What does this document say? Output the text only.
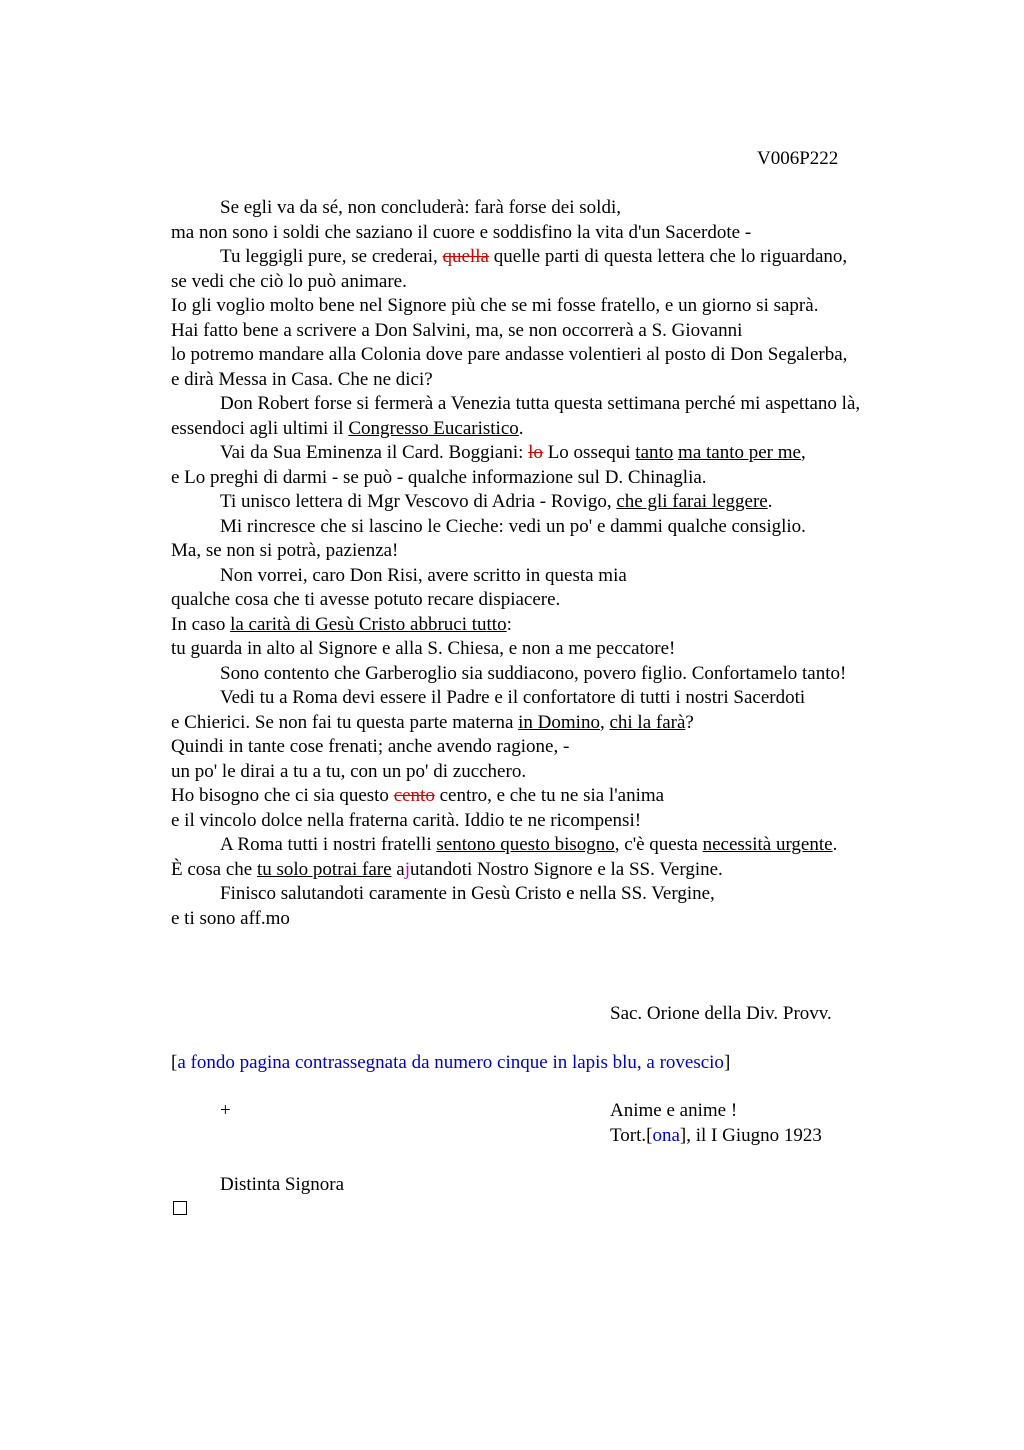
V006P222
Se egli va da sé, non concluderà: farà forse dei soldi,
ma non sono i soldi che saziano il cuore e soddisfino la vita d'un Sacerdote -
Tu leggigli pure, se crederai, quella quelle parti di questa lettera che lo riguardano,
se vedi che ciò lo può animare.
Io gli voglio molto bene nel Signore più che se mi fosse fratello, e un giorno si saprà.
Hai fatto bene a scrivere a Don Salvini, ma, se non occorrerà a S. Giovanni
lo potremo mandare alla Colonia dove pare andasse volentieri al posto di Don Segalerba,
e dirà Messa in Casa. Che ne dici?
Don Robert forse si fermerà a Venezia tutta questa settimana perché mi aspettano là,
essendoci agli ultimi il Congresso Eucaristico.
Vai da Sua Eminenza il Card. Boggiani: lo Lo ossequi tanto ma tanto per me,
e Lo preghi di darmi - se può - qualche informazione sul D. Chinaglia.
Ti unisco lettera di Mgr Vescovo di Adria - Rovigo, che gli farai leggere.
Mi rincresce che si lascino le Cieche: vedi un po' e dammi qualche consiglio.
Ma, se non si potrà, pazienza!
Non vorrei, caro Don Risi, avere scritto in questa mia
qualche cosa che ti avesse potuto recare dispiacere.
In caso la carità di Gesù Cristo abbruci tutto:
tu guarda in alto al Signore e alla S. Chiesa, e non a me peccatore!
Sono contento che Garberoglio sia suddiacono, povero figlio. Confortamelo tanto!
Vedi tu a Roma devi essere il Padre e il confortatore di tutti i nostri Sacerdoti
e Chierici. Se non fai tu questa parte materna in Domino, chi la farà?
Quindi in tante cose frenati; anche avendo ragione, -
un po' le dirai a tu a tu, con un po' di zucchero.
Ho bisogno che ci sia questo cento centro, e che tu ne sia l'anima
e il vincolo dolce nella fraterna carità. Iddio te ne ricompensi!
A Roma tutti i nostri fratelli sentono questo bisogno, c'è questa necessità urgente.
È cosa che tu solo potrai fare ajutandoti Nostro Signore e la SS. Vergine.
Finisco salutandoti caramente in Gesù Cristo e nella SS. Vergine,
e ti sono aff.mo
Sac. Orione della Div. Provv.
[a fondo pagina contrassegnata da numero cinque in lapis blu, a rovescio]
+	Anime e anime !
Tort.[ona], il I Giugno 1923
Distinta Signora
